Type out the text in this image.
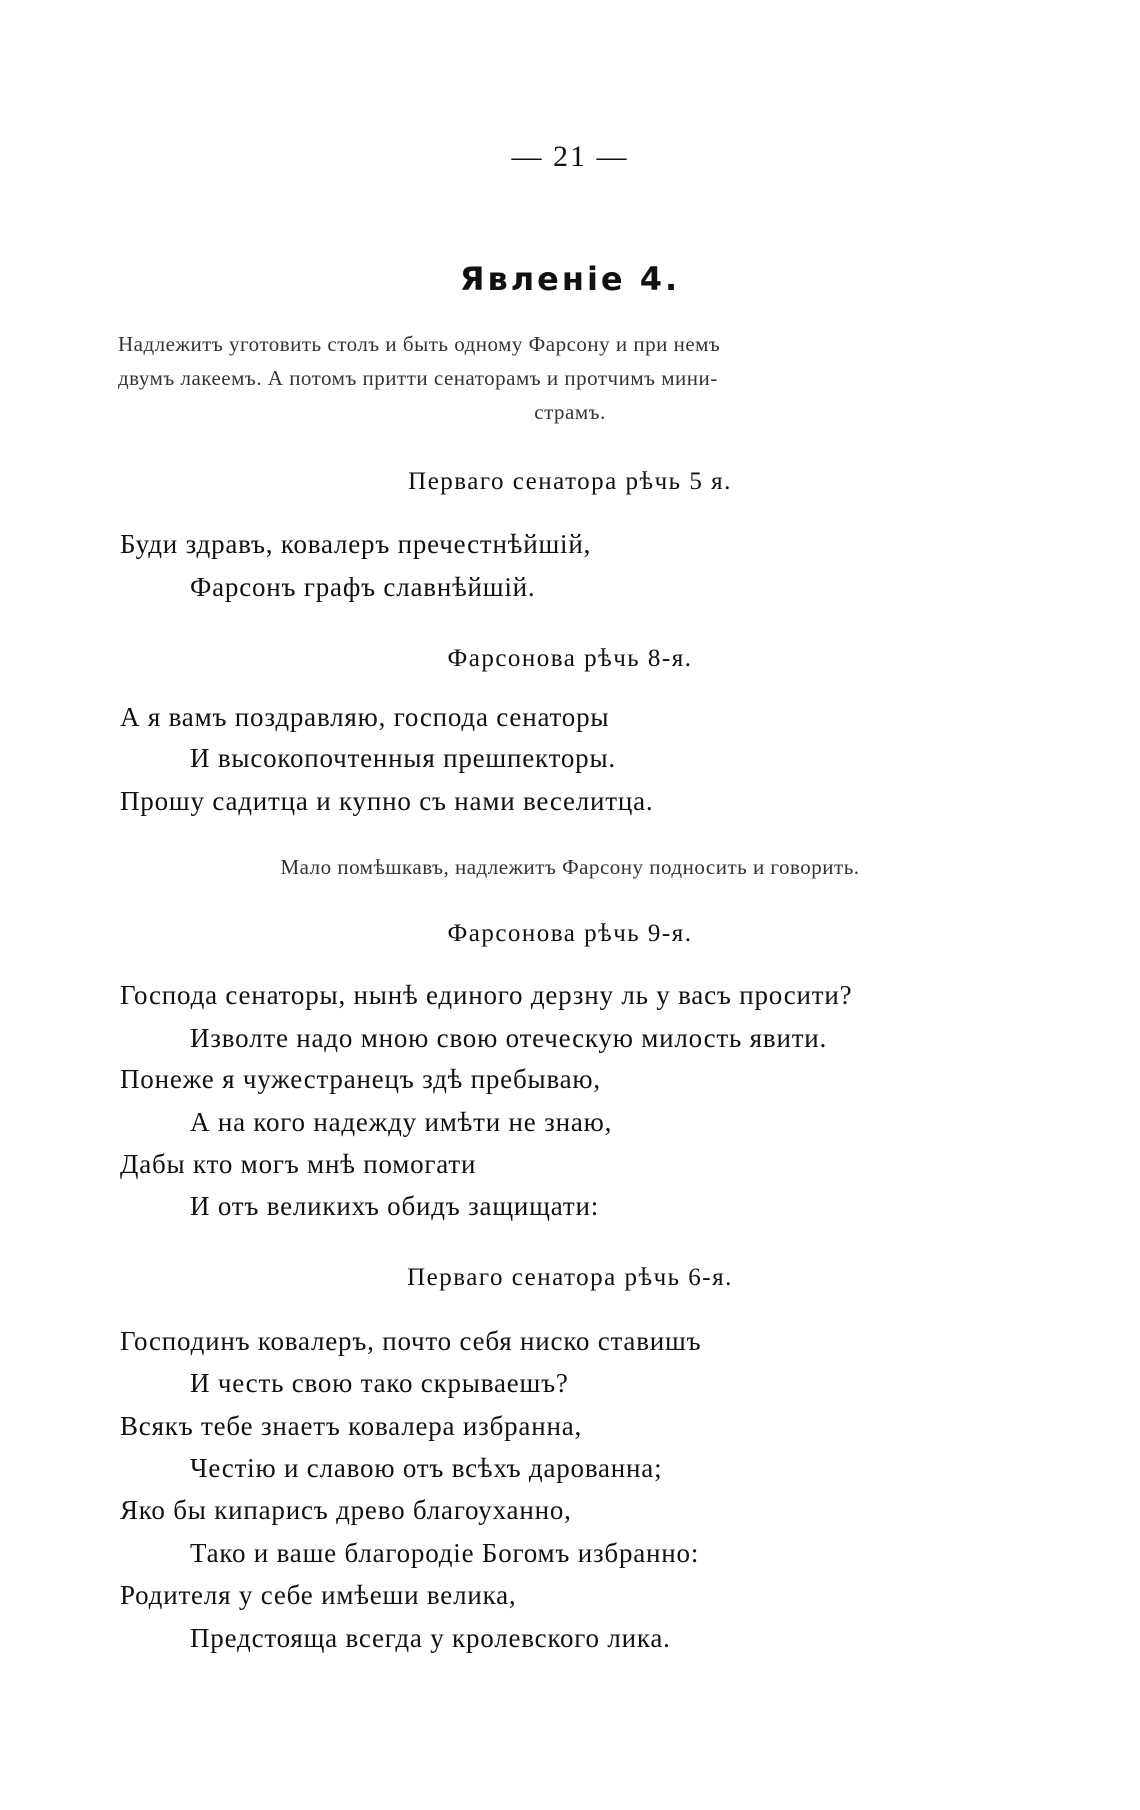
— 21 —
Явленіе 4.
Надлежитъ уготовить столъ и быть одному Фарсону и при немъ
двумъ лакеемъ. А потомъ притти сенаторамъ и протчимъ мини-
страмъ.
Перваго сенатора рѣчь 5 я.
Буди здравъ, ковалеръ пречестнѣйшій,
Фарсонъ графъ славнѣйшій.
Фарсонова рѣчь 8-я.
А я вамъ поздравляю, господа сенаторы
И высокопочтенныя прешпекторы.
Прошу садитца и купно съ нами веселитца.
Мало помѣшкавъ, надлежитъ Фарсону подносить и говорить.
Фарсонова рѣчь 9-я.
Господа сенаторы, нынѣ единого дерзну ль у васъ просити?
Изволте надо мною свою отеческую милость явити.
Понеже я чужестранецъ здѣ пребываю,
А на кого надежду имѣти не знаю,
Дабы кто могъ мнѣ помогати
И отъ великихъ обидъ защищати:
Перваго сенатора рѣчь 6-я.
Господинъ ковалеръ, почто себя ниско ставишъ
И честь свою тако скрываешъ?
Всякъ тебе знаетъ ковалера избранна,
Честію и славою отъ всѣхъ дарованна;
Яко бы кипарисъ древо благоуханно,
Тако и ваше благородіе Богомъ избранно:
Родителя у себе имѣеши велика,
Предстояща всегда у кролевского лика.
